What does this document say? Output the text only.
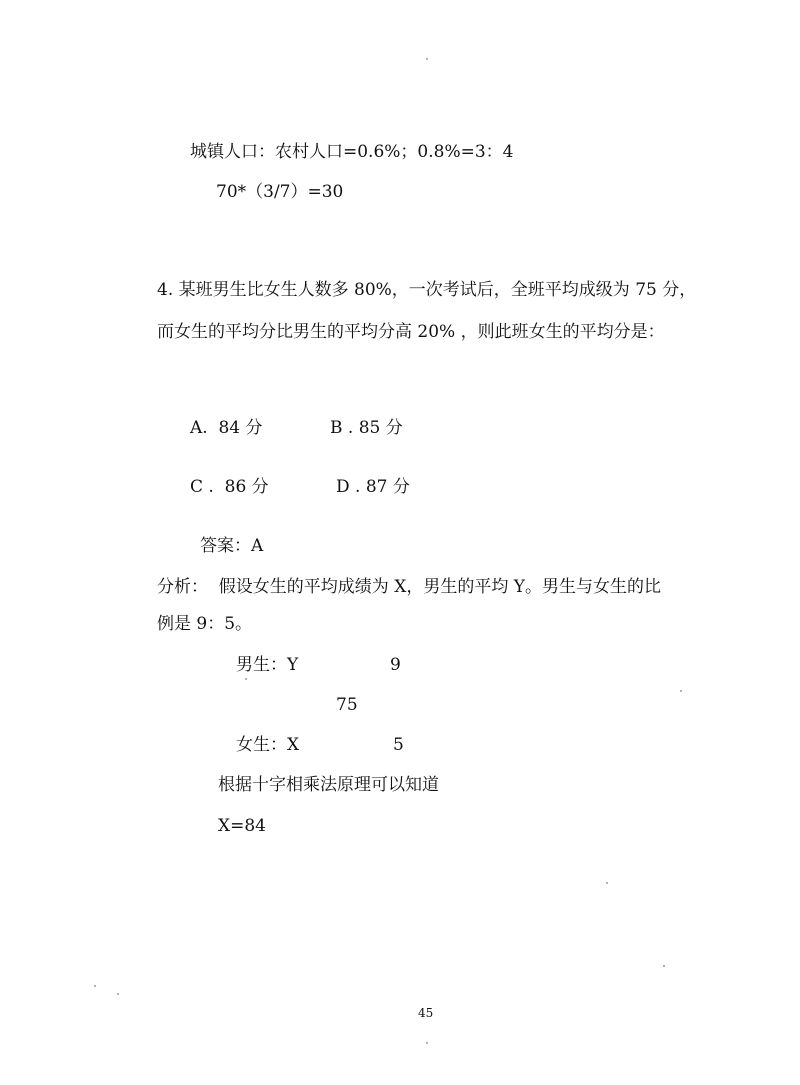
城镇人口：农村人口=0.6%；0.8%=3：4
70*（3/7）=30
4. 某班男生比女生人数多 80%，一次考试后，全班平均成级为 75 分，
而女生的平均分比男生的平均分高 20% ，则此班女生的平均分是：
A.  84 分	B . 85 分
C .  86 分	D . 87 分
答案：A
分析：  假设女生的平均成绩为 X，男生的平均 Y。男生与女生的比
例是 9：5。
男生：Y	9
75
女生：X	5
根据十字相乘法原理可以知道
X=84
45
